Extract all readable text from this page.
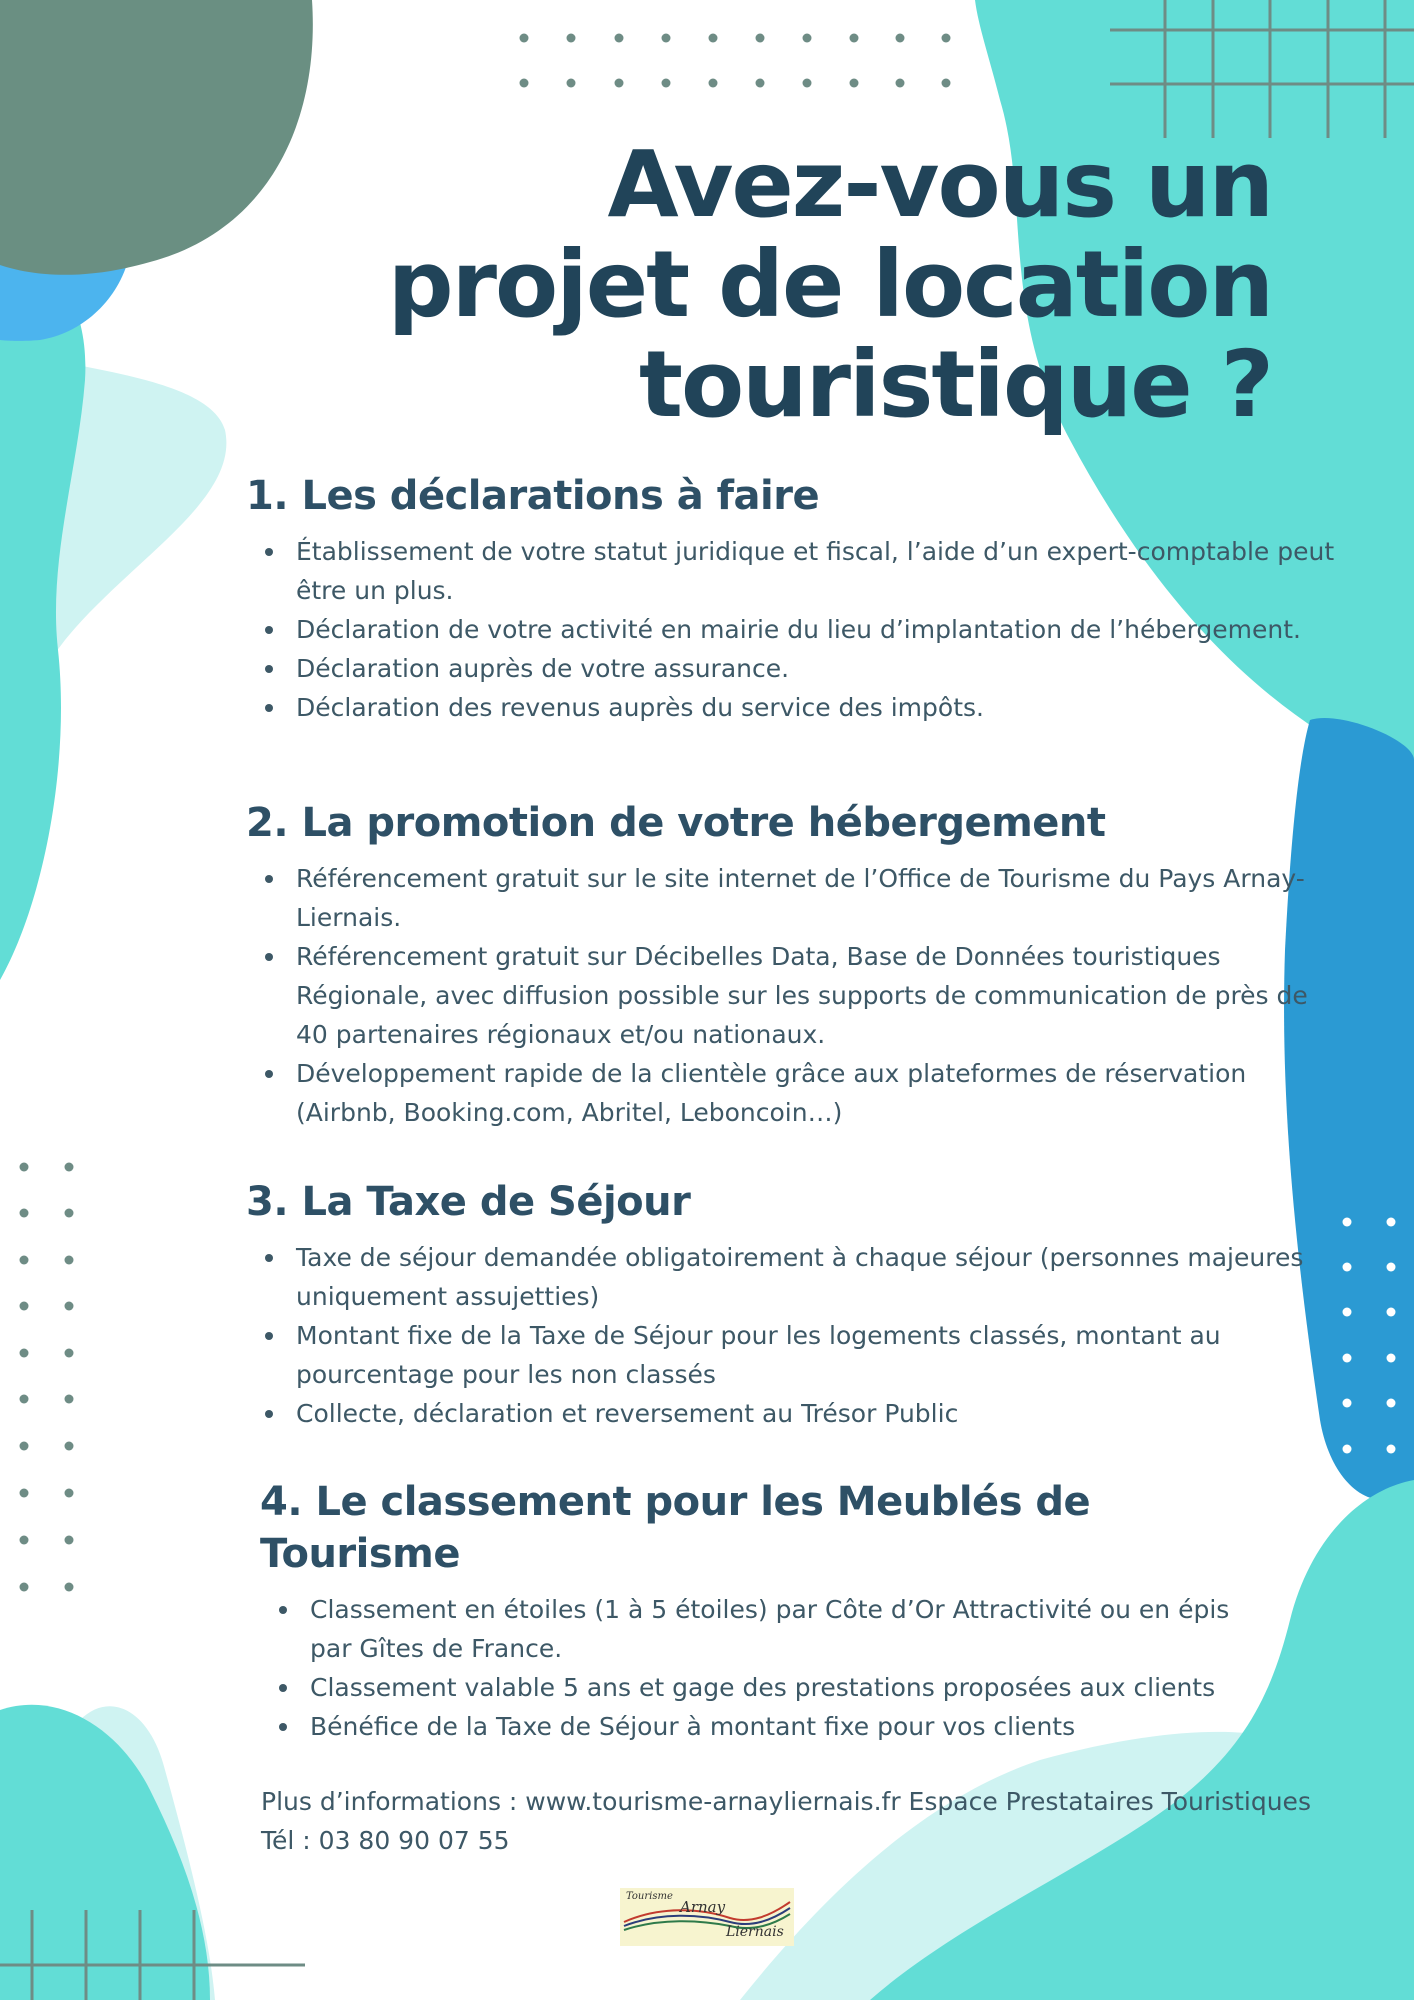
Avez-vous un
projet de location
touristique ?
1. Les déclarations à faire
Établissement de votre statut juridique et fiscal, l’aide d’un expert-comptable peut être un plus.
Déclaration de votre activité en mairie du lieu d’implantation de l’hébergement.
Déclaration auprès de votre assurance.
Déclaration des revenus auprès du service des impôts.
2. La promotion de votre hébergement
Référencement gratuit sur le site internet de l’Office de Tourisme du Pays Arnay-Liernais.
Référencement gratuit sur Décibelles Data, Base de Données touristiques Régionale, avec diffusion possible sur les supports de communication de près de 40 partenaires régionaux et/ou nationaux.
Développement rapide de la clientèle grâce aux plateformes de réservation (Airbnb, Booking.com, Abritel, Leboncoin…)
3. La Taxe de Séjour
Taxe de séjour demandée obligatoirement à chaque séjour (personnes majeures uniquement assujetties)
Montant fixe de la Taxe de Séjour pour les logements classés, montant au pourcentage pour les non classés
Collecte, déclaration et reversement au Trésor Public
4. Le classement pour les Meublés de Tourisme
Classement en étoiles (1 à 5 étoiles) par Côte d’Or Attractivité ou en épis par Gîtes de France.
Classement valable 5 ans et gage des prestations proposées aux clients
Bénéfice de la Taxe de Séjour à montant fixe pour vos clients
Plus d’informations : www.tourisme-arnayliernais.fr Espace Prestataires Touristiques
Tél : 03 80 90 07 55
Tourisme
Arnay
Liernais
